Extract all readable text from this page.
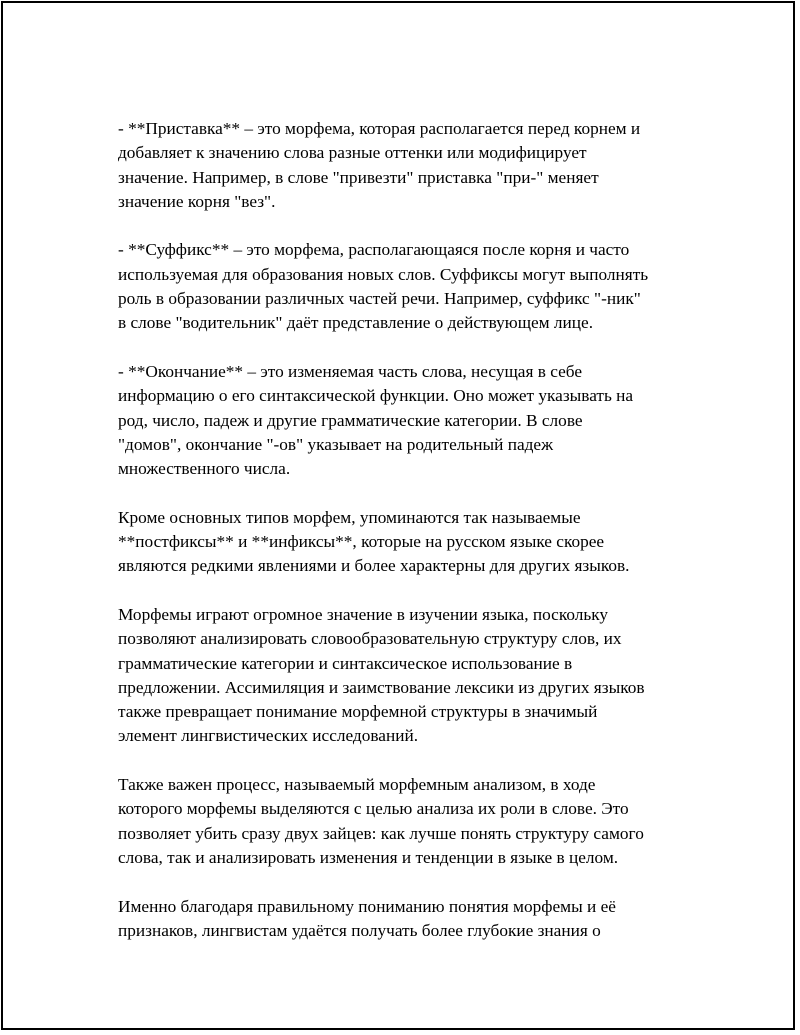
- **Приставка** – это морфема, которая располагается перед корнем и
добавляет к значению слова разные оттенки или модифицирует
значение. Например, в слове "привезти" приставка "при-" меняет
значение корня "вез".
- **Суффикс** – это морфема, располагающаяся после корня и часто
используемая для образования новых слов. Суффиксы могут выполнять
роль в образовании различных частей речи. Например, суффикс "-ник"
в слове "водительник" даёт представление о действующем лице.
- **Окончание** – это изменяемая часть слова, несущая в себе
информацию о его синтаксической функции. Оно может указывать на
род, число, падеж и другие грамматические категории. В слове
"домов", окончание "-ов" указывает на родительный падеж
множественного числа.
Кроме основных типов морфем, упоминаются так называемые
**постфиксы** и **инфиксы**, которые на русском языке скорее
являются редкими явлениями и более характерны для других языков.
Морфемы играют огромное значение в изучении языка, поскольку
позволяют анализировать словообразовательную структуру слов, их
грамматические категории и синтаксическое использование в
предложении. Ассимиляция и заимствование лексики из других языков
также превращает понимание морфемной структуры в значимый
элемент лингвистических исследований.
Также важен процесс, называемый морфемным анализом, в ходе
которого морфемы выделяются с целью анализа их роли в слове. Это
позволяет убить сразу двух зайцев: как лучше понять структуру самого
слова, так и анализировать изменения и тенденции в языке в целом.
Именно благодаря правильному пониманию понятия морфемы и её
признаков, лингвистам удаётся получать более глубокие знания о
